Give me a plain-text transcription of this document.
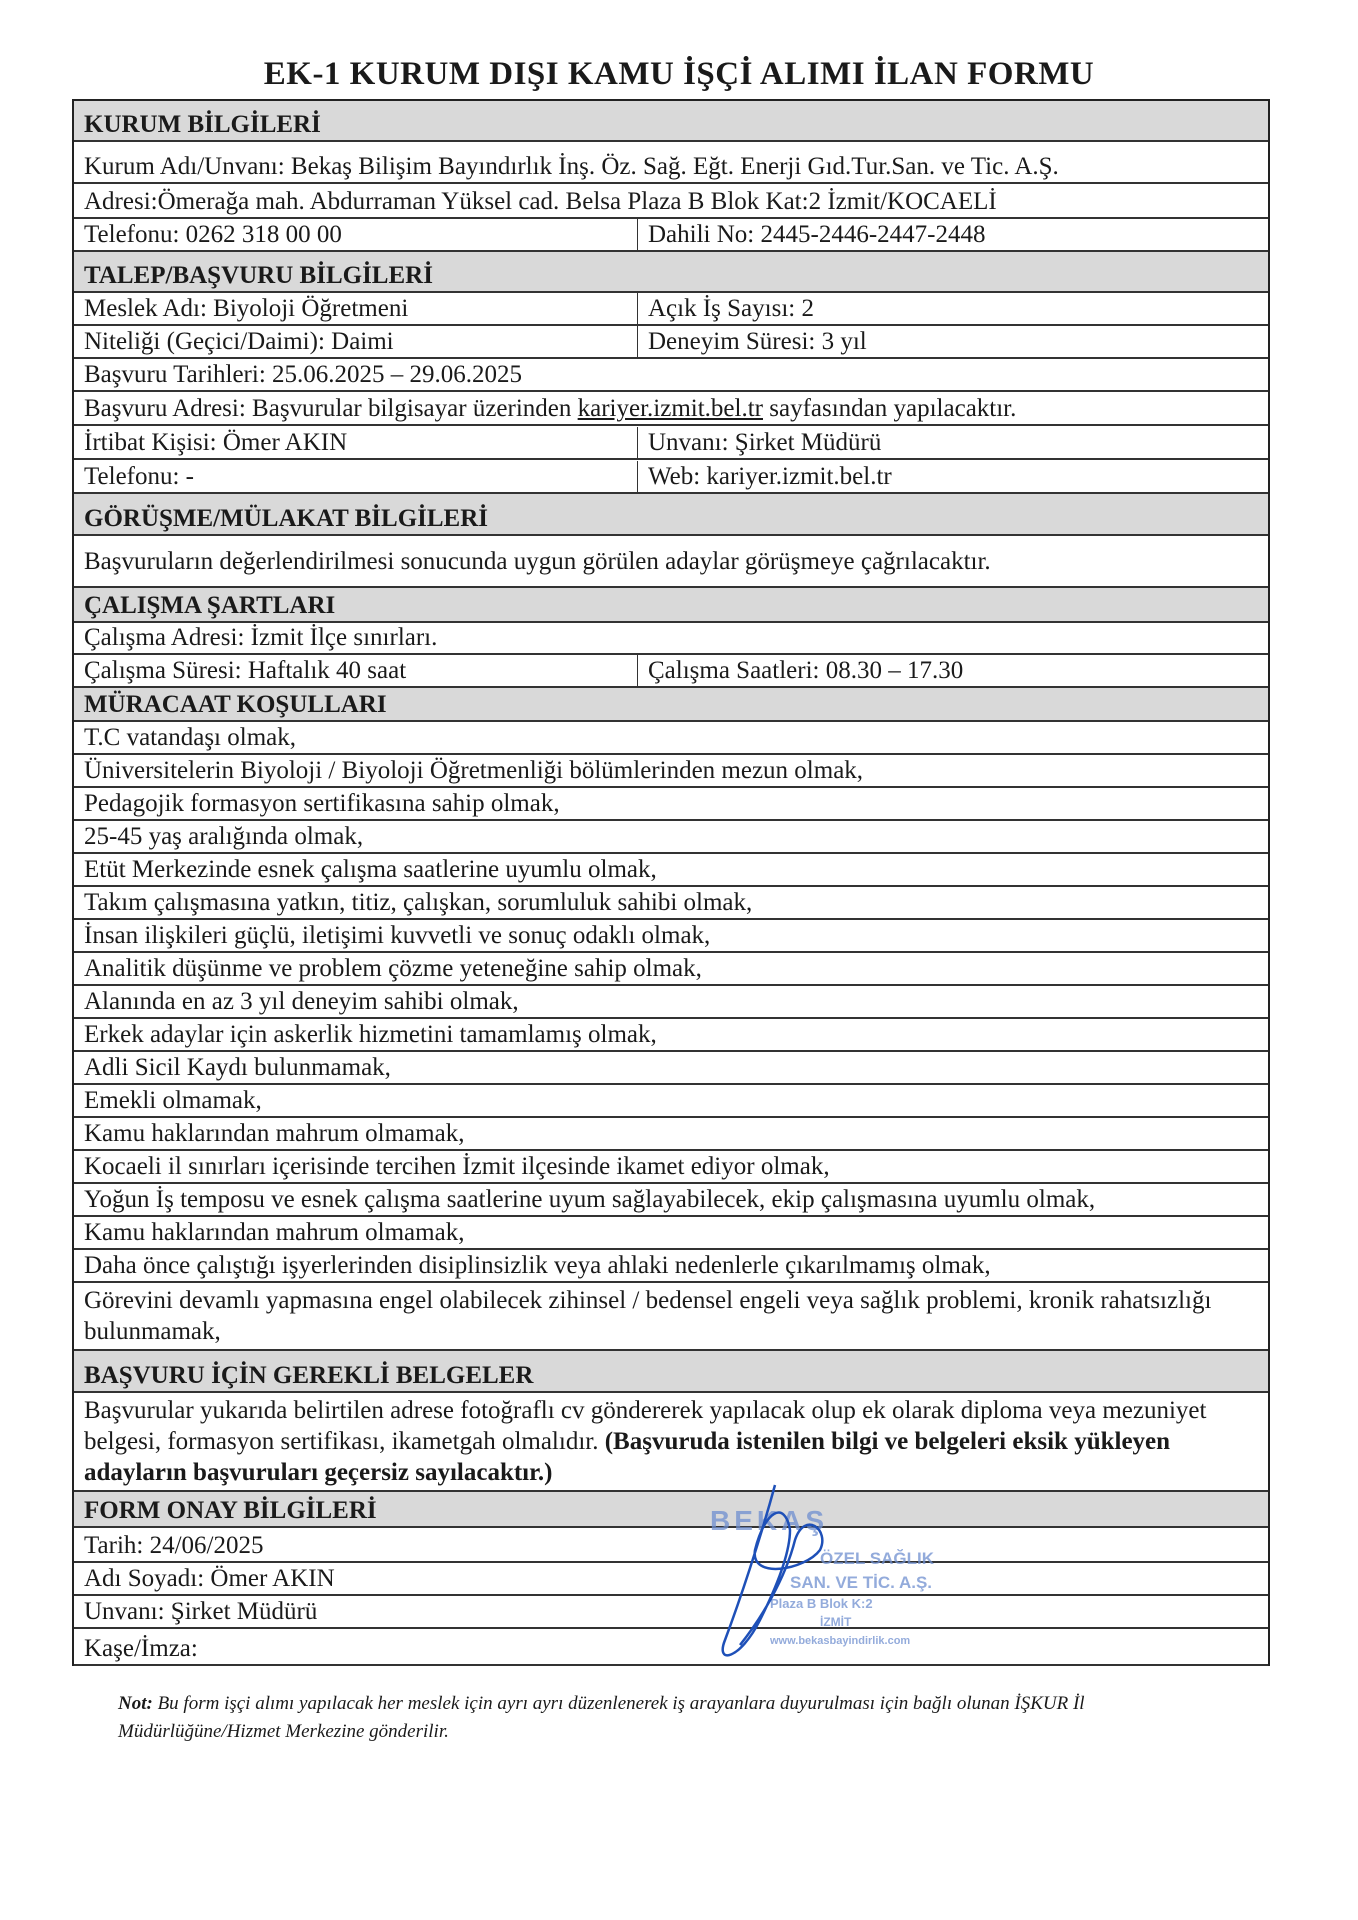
EK-1 KURUM DIŞI KAMU İŞÇİ ALIMI İLAN FORMU
KURUM BİLGİLERİ
Kurum Adı/Unvanı: Bekaş Bilişim Bayındırlık İnş. Öz. Sağ. Eğt. Enerji Gıd.Tur.San. ve Tic. A.Ş.
Adresi:Ömerağa mah. Abdurraman Yüksel cad. Belsa Plaza B Blok Kat:2 İzmit/KOCAELİ
Telefonu: 0262 318 00 00	Dahili No: 2445-2446-2447-2448
TALEP/BAŞVURU BİLGİLERİ
Meslek Adı: Biyoloji Öğretmeni	Açık İş Sayısı: 2
Niteliği (Geçici/Daimi): Daimi	Deneyim Süresi: 3 yıl
Başvuru Tarihleri: 25.06.2025 – 29.06.2025
Başvuru Adresi: Başvurular bilgisayar üzerinden kariyer.izmit.bel.tr sayfasından yapılacaktır.
İrtibat Kişisi: Ömer AKIN	Unvanı: Şirket Müdürü
Telefonu: -	Web: kariyer.izmit.bel.tr
GÖRÜŞME/MÜLAKAT BİLGİLERİ
Başvuruların değerlendirilmesi sonucunda uygun görülen adaylar görüşmeye çağrılacaktır.
ÇALIŞMA ŞARTLARI
Çalışma Adresi: İzmit İlçe sınırları.
Çalışma Süresi: Haftalık 40 saat	Çalışma Saatleri: 08.30 – 17.30
MÜRACAAT KOŞULLARI
T.C vatandaşı olmak,
Üniversitelerin Biyoloji / Biyoloji Öğretmenliği bölümlerinden mezun olmak,
Pedagojik formasyon sertifikasına sahip olmak,
25-45 yaş aralığında olmak,
Etüt Merkezinde esnek çalışma saatlerine uyumlu olmak,
Takım çalışmasına yatkın, titiz, çalışkan, sorumluluk sahibi olmak,
İnsan ilişkileri güçlü, iletişimi kuvvetli ve sonuç odaklı olmak,
Analitik düşünme ve problem çözme yeteneğine sahip olmak,
Alanında en az 3 yıl deneyim sahibi olmak,
Erkek adaylar için askerlik hizmetini tamamlamış olmak,
Adli Sicil Kaydı bulunmamak,
Emekli olmamak,
Kamu haklarından mahrum olmamak,
Kocaeli il sınırları içerisinde tercihen İzmit ilçesinde ikamet ediyor olmak,
Yoğun İş temposu ve esnek çalışma saatlerine uyum sağlayabilecek, ekip çalışmasına uyumlu olmak,
Kamu haklarından mahrum olmamak,
Daha önce çalıştığı işyerlerinden disiplinsizlik veya ahlaki nedenlerle çıkarılmamış olmak,
Görevini devamlı yapmasına engel olabilecek zihinsel / bedensel engeli veya sağlık problemi, kronik rahatsızlığı bulunmamak,
BAŞVURU İÇİN GEREKLİ BELGELER
Başvurular yukarıda belirtilen adrese fotoğraflı cv göndererek yapılacak olup ek olarak diploma veya mezuniyet belgesi, formasyon sertifikası, ikametgah olmalıdır. (Başvuruda istenilen bilgi ve belgeleri eksik yükleyen adayların başvuruları geçersiz sayılacaktır.)
FORM ONAY BİLGİLERİ
Tarih: 24/06/2025
Adı Soyadı: Ömer AKIN
Unvanı: Şirket Müdürü
Kaşe/İmza:
BEKAŞ
ÖZEL SAĞLIK
SAN. VE TİC. A.Ş.
Plaza B Blok K:2
İZMİT
www.bekasbayindirlik.com
Not: Bu form işçi alımı yapılacak her meslek için ayrı ayrı düzenlenerek iş arayanlara duyurulması için bağlı olunan İŞKUR İl Müdürlüğüne/Hizmet Merkezine gönderilir.
